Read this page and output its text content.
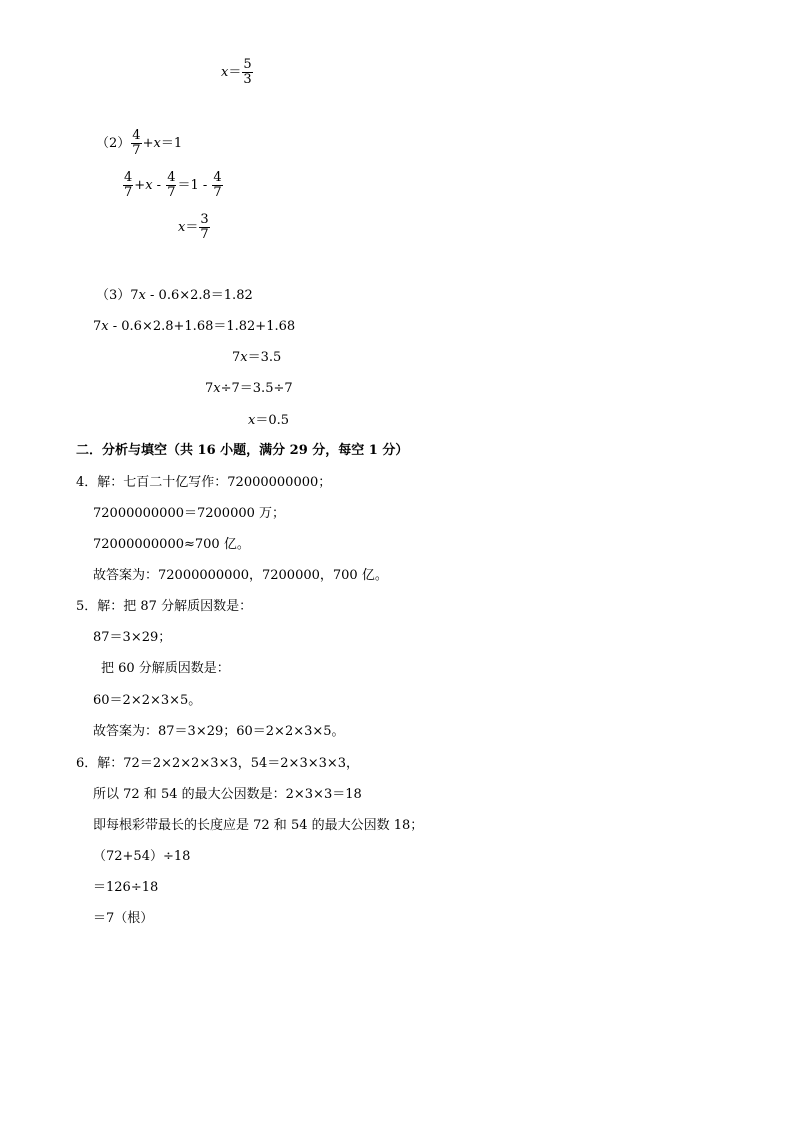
$x= \frac{5}{3}$
$(2) \frac{4}{7} +x=1$
$\frac{4}{7} +x - \frac{4}{7} =1 - \frac{4}{7}$
$x= \frac{3}{7}$
（3）7x - 0.6×2.8＝1.82
7x - 0.6×2.8+1.68＝1.82+1.68
7x＝3.5
7x÷7＝3.5÷7
x＝0.5
二．分析与填空（共 16 小题，满分 29 分，每空 1 分）
4．解：七百二十亿写作：72000000000；
72000000000＝7200000 万；
72000000000≈700 亿。
故答案为：72000000000，7200000，700 亿。
5．解：把 87 分解质因数是：
87＝3×29；
把 60 分解质因数是：
60＝2×2×3×5。
故答案为：87＝3×29；60＝2×2×3×5。
6．解：72＝2×2×2×3×3，54＝2×3×3×3，
所以 72 和 54 的最大公因数是：2×3×3＝18
即每根彩带最长的长度应是 72 和 54 的最大公因数 18；
（72+54）÷18
＝126÷18
＝7（根）
